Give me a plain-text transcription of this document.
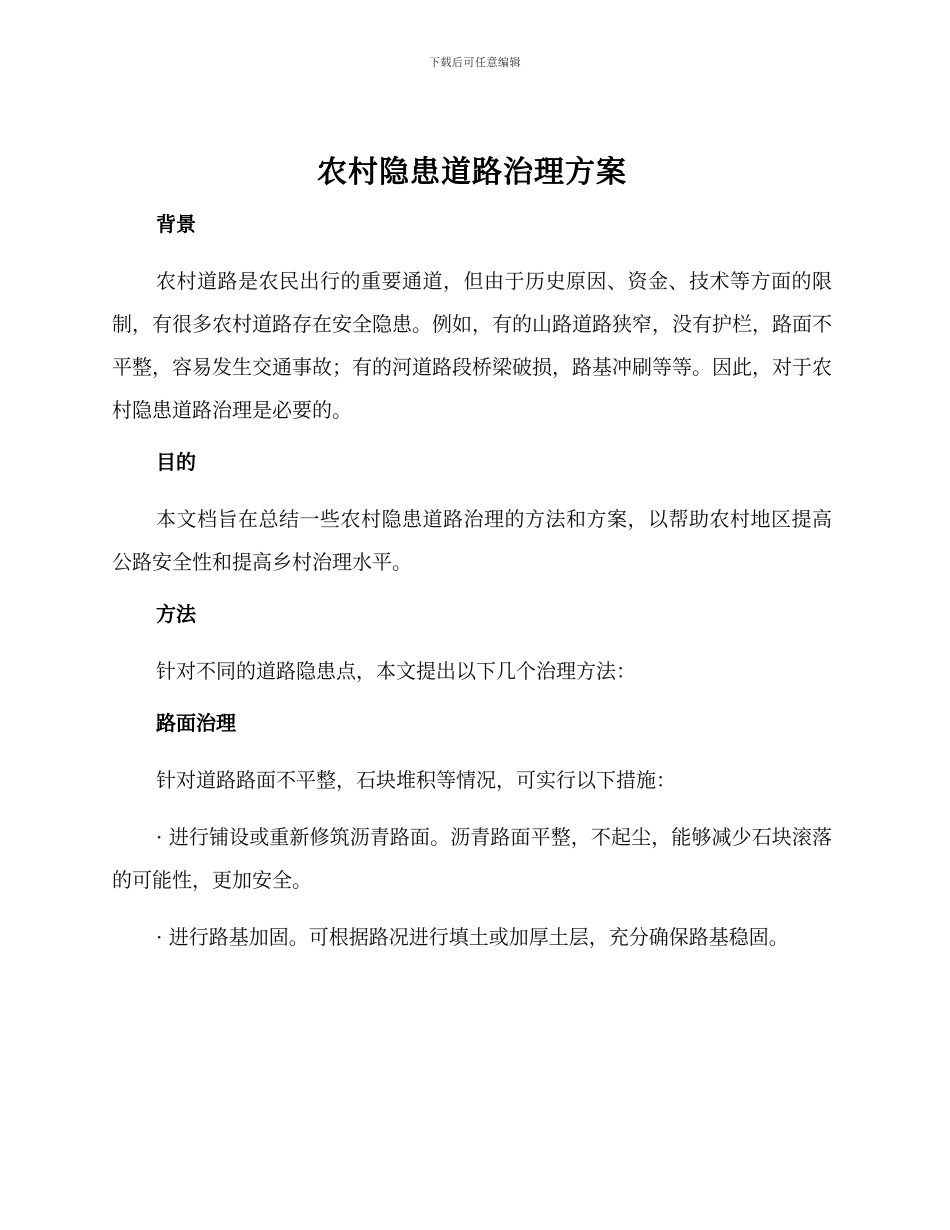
下载后可任意编辑
农村隐患道路治理方案
背景

农村道路是农民出行的重要通道，但由于历史原因、资金、技术等方面的限制，有很多农村道路存在安全隐患。例如，有的山路道路狭窄，没有护栏，路面不平整，容易发生交通事故；有的河道路段桥梁破损，路基冲刷等等。因此，对于农村隐患道路治理是必要的。

目的

本文档旨在总结一些农村隐患道路治理的方法和方案，以帮助农村地区提高公路安全性和提高乡村治理水平。

方法

针对不同的道路隐患点，本文提出以下几个治理方法：

路面治理

针对道路路面不平整，石块堆积等情况，可实行以下措施：

· 进行铺设或重新修筑沥青路面。沥青路面平整，不起尘，能够减少石块滚落的可能性，更加安全。

· 进行路基加固。可根据路况进行填土或加厚土层，充分确保路基稳固。
